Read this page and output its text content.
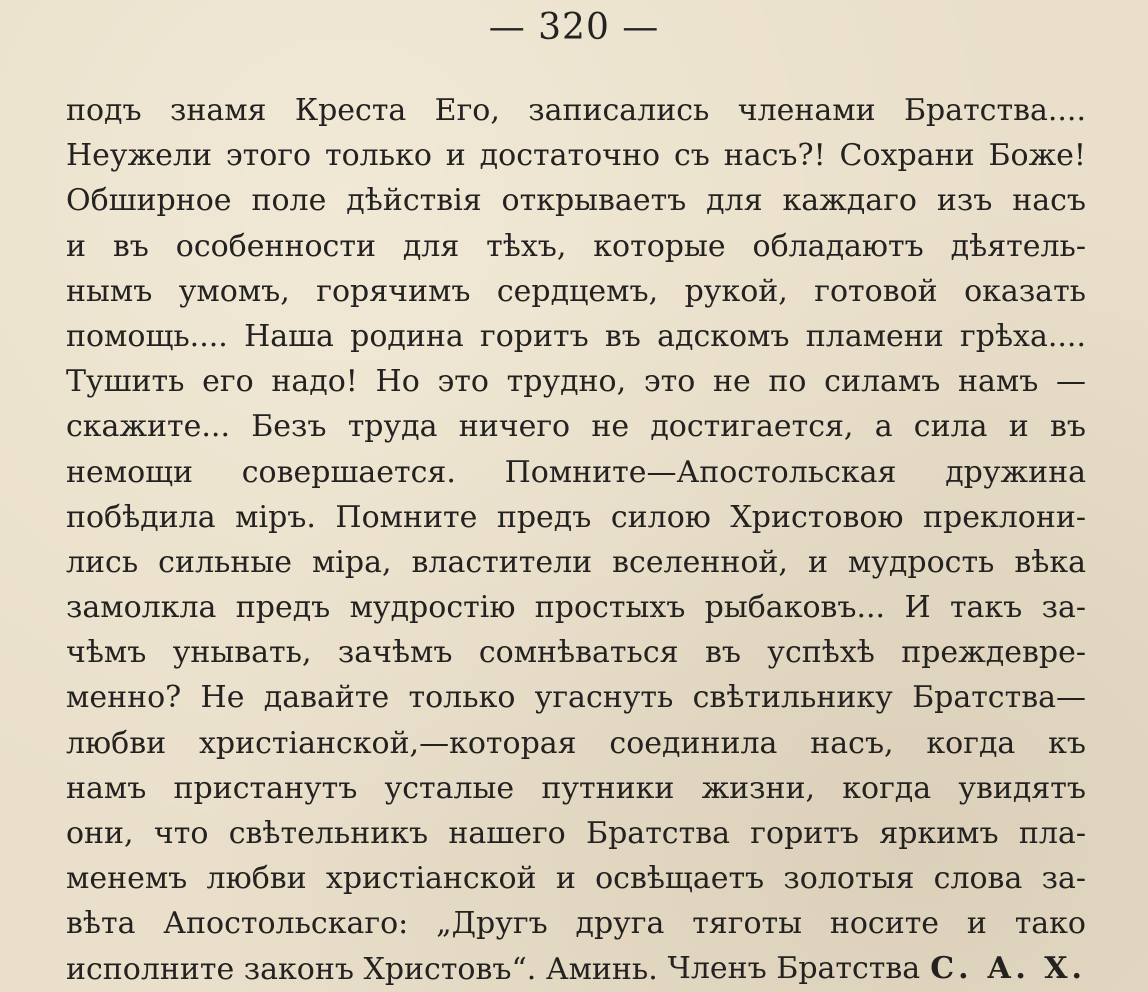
— 320 —
подъ знамя Креста Его, записались членами Братства....
Неужели этого только и достаточно съ насъ?! Сохрани Боже!
Обширное поле дѣйствія открываетъ для каждаго изъ насъ
и въ особенности для тѣхъ, которые обладаютъ дѣятель-
нымъ умомъ, горячимъ сердцемъ, рукой, готовой оказать
помощь.... Наша родина горитъ въ адскомъ пламени грѣха....
Тушить его надо! Но это трудно, это не по силамъ намъ —
скажите... Безъ труда ничего не достигается, а сила и въ
немощи совершается. Помните—Апостольская дружина
побѣдила міръ. Помните предъ силою Христовою преклони-
лись сильные міра, властители вселенной, и мудрость вѣка
замолкла предъ мудростію простыхъ рыбаковъ... И такъ за-
чѣмъ унывать, зачѣмъ сомнѣваться въ успѣхѣ преждевре-
менно? Не давайте только угаснуть свѣтильнику Братства—
любви христіанской,—которая соединила насъ, когда къ
намъ пристанутъ усталые путники жизни, когда увидятъ
они, что свѣтельникъ нашего Братства горитъ яркимъ пла-
менемъ любви христіанской и освѣщаетъ золотыя слова за-
вѣта Апостольскаго: „Другъ друга тяготы носите и тако
исполните законъ Христовъ“. Аминь. Членъ Братства С. А. Х.
